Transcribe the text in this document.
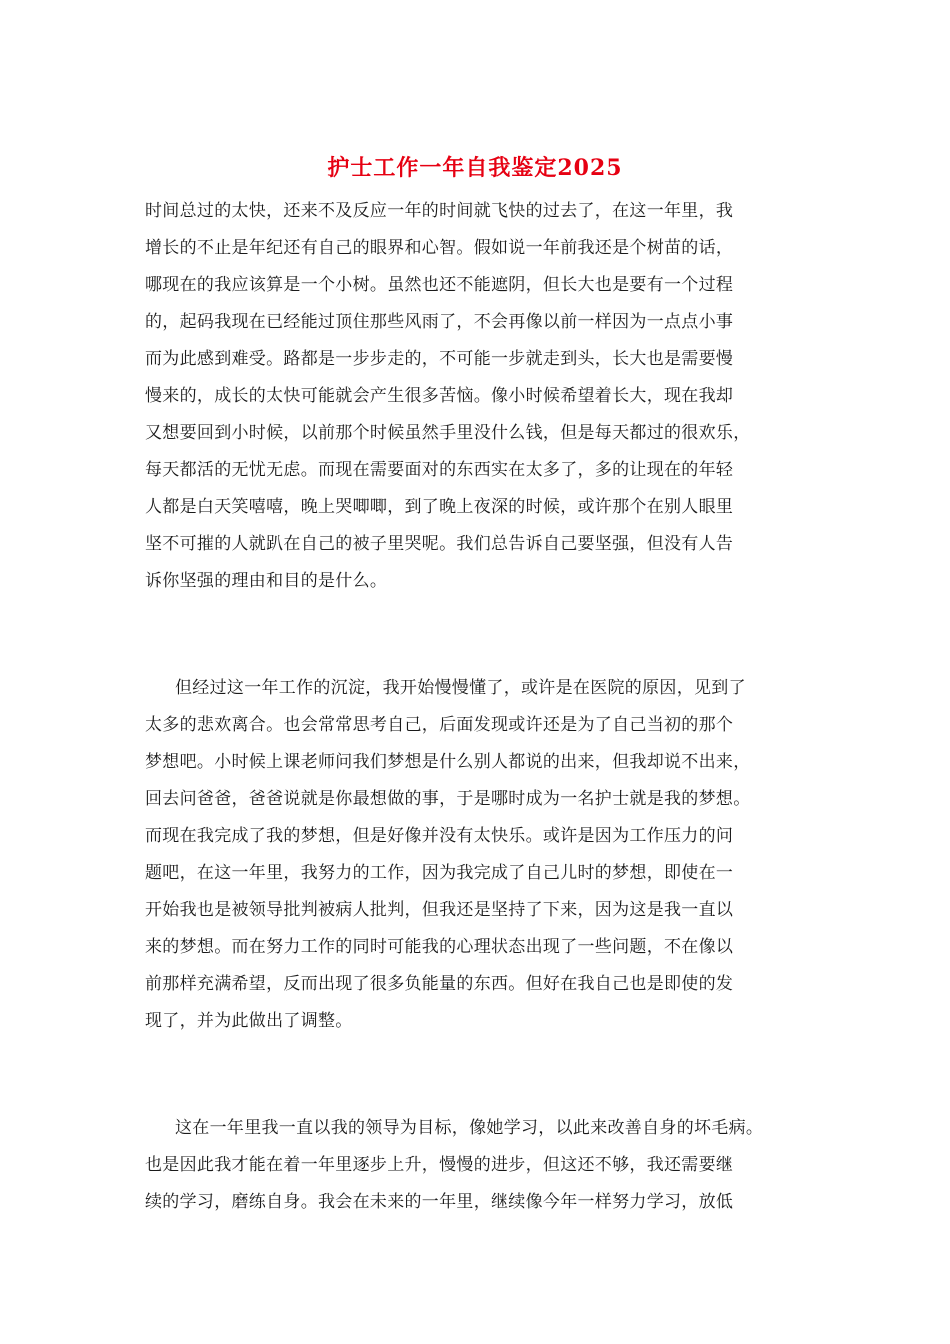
护士工作一年自我鉴定2025
时间总过的太快，还来不及反应一年的时间就飞快的过去了，在这一年里，我
增长的不止是年纪还有自己的眼界和心智。假如说一年前我还是个树苗的话，
哪现在的我应该算是一个小树。虽然也还不能遮阴，但长大也是要有一个过程
的，起码我现在已经能过顶住那些风雨了，不会再像以前一样因为一点点小事
而为此感到难受。路都是一步步走的，不可能一步就走到头，长大也是需要慢
慢来的，成长的太快可能就会产生很多苦恼。像小时候希望着长大，现在我却
又想要回到小时候，以前那个时候虽然手里没什么钱，但是每天都过的很欢乐，
每天都活的无忧无虑。而现在需要面对的东西实在太多了，多的让现在的年轻
人都是白天笑嘻嘻，晚上哭唧唧，到了晚上夜深的时候，或许那个在别人眼里
坚不可摧的人就趴在自己的被子里哭呢。我们总告诉自己要坚强，但没有人告
诉你坚强的理由和目的是什么。
但经过这一年工作的沉淀，我开始慢慢懂了，或许是在医院的原因，见到了
太多的悲欢离合。也会常常思考自己，后面发现或许还是为了自己当初的那个
梦想吧。小时候上课老师问我们梦想是什么别人都说的出来，但我却说不出来，
回去问爸爸，爸爸说就是你最想做的事，于是哪时成为一名护士就是我的梦想。
而现在我完成了我的梦想，但是好像并没有太快乐。或许是因为工作压力的问
题吧，在这一年里，我努力的工作，因为我完成了自己儿时的梦想，即使在一
开始我也是被领导批判被病人批判，但我还是坚持了下来，因为这是我一直以
来的梦想。而在努力工作的同时可能我的心理状态出现了一些问题，不在像以
前那样充满希望，反而出现了很多负能量的东西。但好在我自己也是即使的发
现了，并为此做出了调整。
这在一年里我一直以我的领导为目标，像她学习，以此来改善自身的坏毛病。
也是因此我才能在着一年里逐步上升，慢慢的进步，但这还不够，我还需要继
续的学习，磨练自身。我会在未来的一年里，继续像今年一样努力学习，放低
